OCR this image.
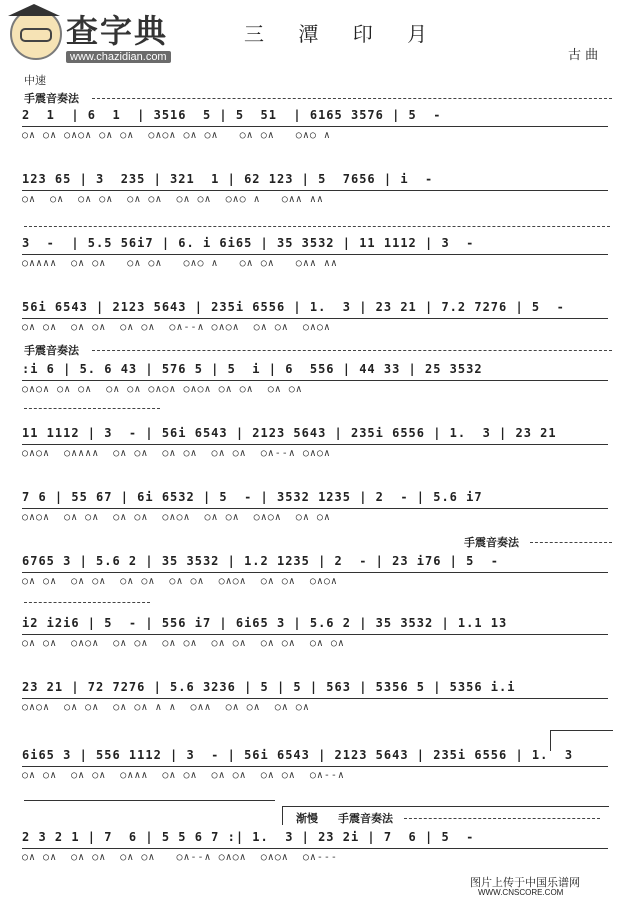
查字典
www.chazidian.com
三 潭 印 月
古 曲
中速
手震音奏法
手震音奏法
手震音奏法
渐慢 手震音奏法
2  1  | 6  1  | 3516  5 | 5  51  | 6165 3576 | 5  -
○∧ ○∧ ○∧○∧ ○∧ ○∧  ○∧○∧ ○∧ ○∧   ○∧ ○∧   ○∧○ ∧
123 65 | 3  235 | 321  1 | 62 123 | 5  7656 | i  -
○∧  ○∧  ○∧ ○∧  ○∧ ○∧  ○∧ ○∧  ○∧○ ∧   ○∧∧ ∧∧
3  -  | 5.5 56i7 | 6. i 6i65 | 35 3532 | 11 1112 | 3  -
○∧∧∧∧  ○∧ ○∧   ○∧ ○∧   ○∧○ ∧   ○∧ ○∧   ○∧∧ ∧∧
56i 6543 | 2123 5643 | 235i 6556 | 1.  3 | 23 21 | 7.2 7276 | 5  -
○∧ ○∧  ○∧ ○∧  ○∧ ○∧  ○∧--∧ ○∧○∧  ○∧ ○∧  ○∧○∧
:i 6 | 5. 6 43 | 576 5 | 5  i | 6  556 | 44 33 | 25 3532
○∧○∧ ○∧ ○∧  ○∧ ○∧ ○∧○∧ ○∧○∧ ○∧ ○∧  ○∧ ○∧
11 1112 | 3  - | 56i 6543 | 2123 5643 | 235i 6556 | 1.  3 | 23 21
○∧○∧  ○∧∧∧∧  ○∧ ○∧  ○∧ ○∧  ○∧ ○∧  ○∧--∧ ○∧○∧
7 6 | 55 67 | 6i 6532 | 5  - | 3532 1235 | 2  - | 5.6 i7
○∧○∧  ○∧ ○∧  ○∧ ○∧  ○∧○∧  ○∧ ○∧  ○∧○∧  ○∧ ○∧
6765 3 | 5.6 2 | 35 3532 | 1.2 1235 | 2  - | 23 i76 | 5  -
○∧ ○∧  ○∧ ○∧  ○∧ ○∧  ○∧ ○∧  ○∧○∧  ○∧ ○∧  ○∧○∧
i2 i2i6 | 5  - | 556 i7 | 6i65 3 | 5.6 2 | 35 3532 | 1.1 13
○∧ ○∧  ○∧○∧  ○∧ ○∧  ○∧ ○∧  ○∧ ○∧  ○∧ ○∧  ○∧ ○∧
23 21 | 72 7276 | 5.6 3236 | 5 | 5 | 563 | 5356 5 | 5356 i.i
○∧○∧  ○∧ ○∧  ○∧ ○∧ ∧ ∧  ○∧∧  ○∧ ○∧  ○∧ ○∧
6i65 3 | 556 1112 | 3  - | 56i 6543 | 2123 5643 | 235i 6556 | 1.  3
○∧ ○∧  ○∧ ○∧  ○∧∧∧  ○∧ ○∧  ○∧ ○∧  ○∧ ○∧  ○∧--∧
2 3 2 1 | 7  6 | 5 5 6 7 :| 1.  3 | 23 2i | 7  6 | 5  -
○∧ ○∧  ○∧ ○∧  ○∧ ○∧   ○∧--∧ ○∧○∧  ○∧○∧  ○∧---
图片上传于中国乐谱网
WWW.CNSCORE.COM
